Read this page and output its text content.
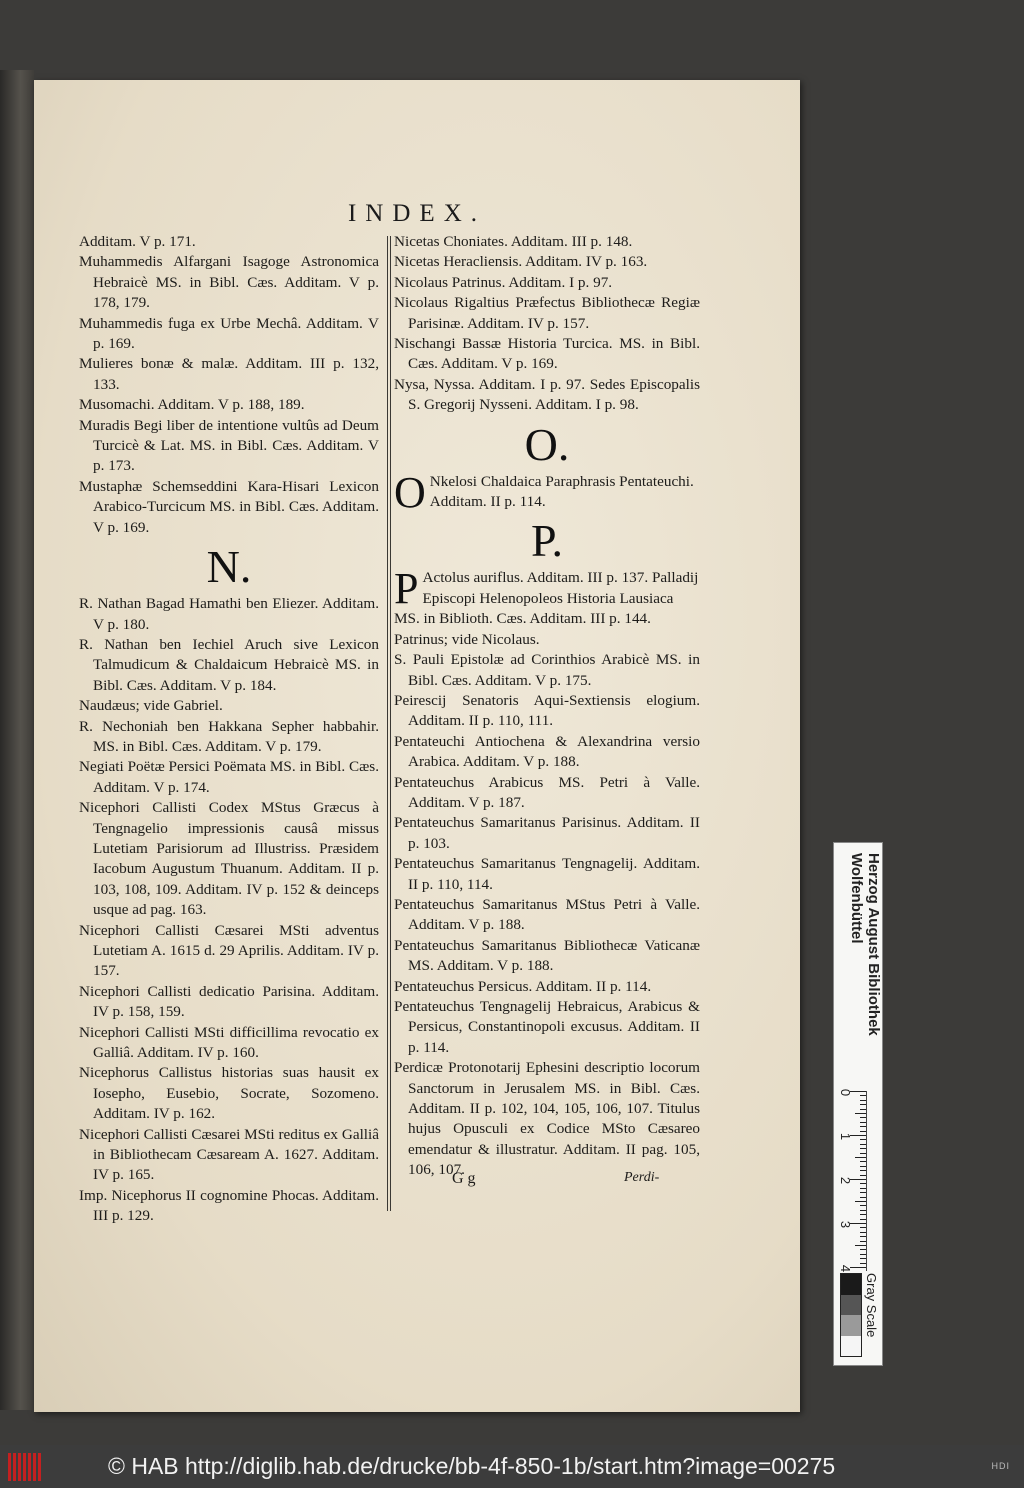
INDEX.

Additam. V p. 171.

Muhammedis Alfargani Isagoge Astronomica Hebraicè MS. in Bibl. Cæs. Additam. V p. 178, 179.

Muhammedis fuga ex Urbe Mechâ. Additam. V p. 169.

Mulieres bonæ & malæ. Additam. III p. 132, 133.

Musomachi. Additam. V p. 188, 189.

Muradis Begi liber de intentione vultûs ad Deum Turcicè & Lat. MS. in Bibl. Cæs. Additam. V p. 173.

Mustaphæ Schemseddini Kara-Hisari Lexicon Arabico-Turcicum MS. in Bibl. Cæs. Additam. V p. 169.

N.

R. Nathan Bagad Hamathi ben Eliezer. Additam. V p. 180.

R. Nathan ben Iechiel Aruch sive Lexicon Talmudicum & Chaldaicum Hebraicè MS. in Bibl. Cæs. Additam. V p. 184.

Naudæus; vide Gabriel.

R. Nechoniah ben Hakkana Sepher habbahir. MS. in Bibl. Cæs. Additam. V p. 179.

Negiati Poëtæ Persici Poëmata MS. in Bibl. Cæs. Additam. V p. 174.

Nicephori Callisti Codex MStus Græcus à Tengnagelio impressionis causâ missus Lutetiam Parisiorum ad Illustriss. Præsidem Iacobum Augustum Thuanum. Additam. II p. 103, 108, 109. Additam. IV p. 152 & deinceps usque ad pag. 163.

Nicephori Callisti Cæsarei MSti adventus Lutetiam A. 1615 d. 29 Aprilis. Additam. IV p. 157.

Nicephori Callisti dedicatio Parisina. Additam. IV p. 158, 159.

Nicephori Callisti MSti difficillima revocatio ex Galliâ. Additam. IV p. 160.

Nicephorus Callistus historias suas hausit ex Iosepho, Eusebio, Socrate, Sozomeno. Additam. IV p. 162.

Nicephori Callisti Cæsarei MSti reditus ex Galliâ in Bibliothecam Cæsaream A. 1627. Additam. IV p. 165.

Imp. Nicephorus II cognomine Phocas. Additam. III p. 129.

Nicetas Choniates. Additam. III p. 148.

Nicetas Heracliensis. Additam. IV p. 163.

Nicolaus Patrinus. Additam. I p. 97.

Nicolaus Rigaltius Præfectus Bibliothecæ Regiæ Parisinæ. Additam. IV p. 157.

Nischangi Bassæ Historia Turcica. MS. in Bibl. Cæs. Additam. V p. 169.

Nysa, Nyssa. Additam. I p. 97. Sedes Episcopalis S. Gregorij Nysseni. Additam. I p. 98.

O.

O Nkelosi Chaldaica Paraphrasis Pentateuchi. Additam. II p. 114.

P.

P Actolus auriflus. Additam. III p. 137. Palladij Episcopi Helenopoleos Historia Lausiaca MS. in Biblioth. Cæs. Additam. III p. 144.

Patrinus; vide Nicolaus.

S. Pauli Epistolæ ad Corinthios Arabicè MS. in Bibl. Cæs. Additam. V p. 175.

Peirescij Senatoris Aqui-Sextiensis elogium. Additam. II p. 110, 111.

Pentateuchi Antiochena & Alexandrina versio Arabica. Additam. V p. 188.

Pentateuchus Arabicus MS. Petri à Valle. Additam. V p. 187.

Pentateuchus Samaritanus Parisinus. Additam. II p. 103.

Pentateuchus Samaritanus Tengnagelij. Additam. II p. 110, 114.

Pentateuchus Samaritanus MStus Petri à Valle. Additam. V p. 188.

Pentateuchus Samaritanus Bibliothecæ Vaticanæ MS. Additam. V p. 188.

Pentateuchus Persicus. Additam. II p. 114.

Pentateuchus Tengnagelij Hebraicus, Arabicus & Persicus, Constantinopoli excusus. Additam. II p. 114.

Perdicæ Protonotarij Ephesini descriptio locorum Sanctorum in Jerusalem MS. in Bibl. Cæs. Additam. II p. 102, 104, 105, 106, 107. Titulus hujus Opusculi ex Codice MSto Cæsareo emendatur & illustratur. Additam. II pag. 105, 106, 107.

Gg	Perdi-
Herzog August Bibliothek Wolfenbüttel
0
1
2
3
4
Gray Scale
© HAB http://diglib.hab.de/drucke/bb-4f-850-1b/start.htm?image=00275	HDI
